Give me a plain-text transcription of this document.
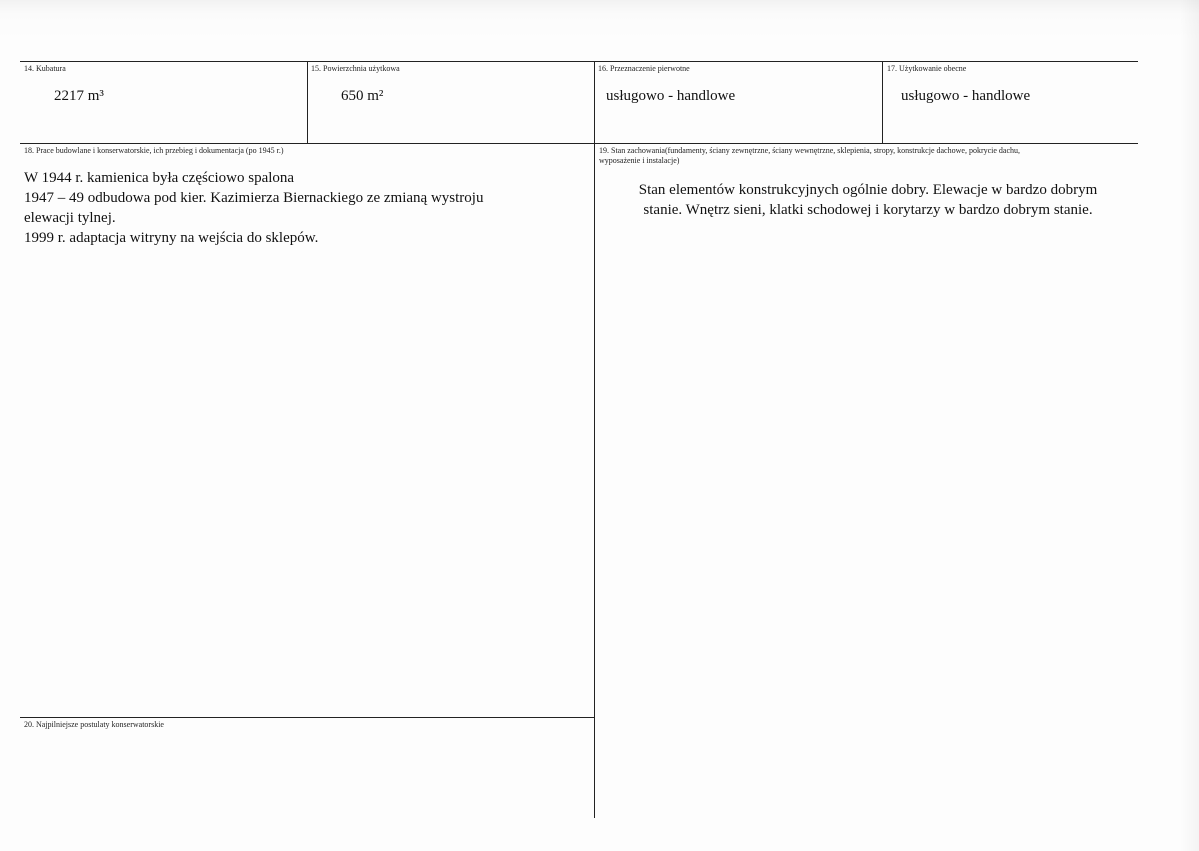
14. Kubatura
2217 m³
15. Powierzchnia użytkowa
650 m²
16. Przeznaczenie pierwotne
usługowo - handlowe
17. Użytkowanie obecne
usługowo - handlowe
18. Prace budowlane i konserwatorskie, ich przebieg i dokumentacja (po 1945 r.)
W 1944 r. kamienica była częściowo spalona
1947 – 49 odbudowa pod kier. Kazimierza Biernackiego ze zmianą wystroju
elewacji tylnej.
1999 r. adaptacja witryny na wejścia do sklepów.
19. Stan zachowania(fundamenty, ściany zewnętrzne, ściany wewnętrzne, sklepienia, stropy, konstrukcje dachowe, pokrycie dachu,
wyposażenie i instalacje)
Stan elementów konstrukcyjnych ogólnie dobry. Elewacje w bardzo dobrym
stanie. Wnętrz sieni, klatki schodowej i korytarzy w bardzo dobrym stanie.
20. Najpilniejsze postulaty konserwatorskie
